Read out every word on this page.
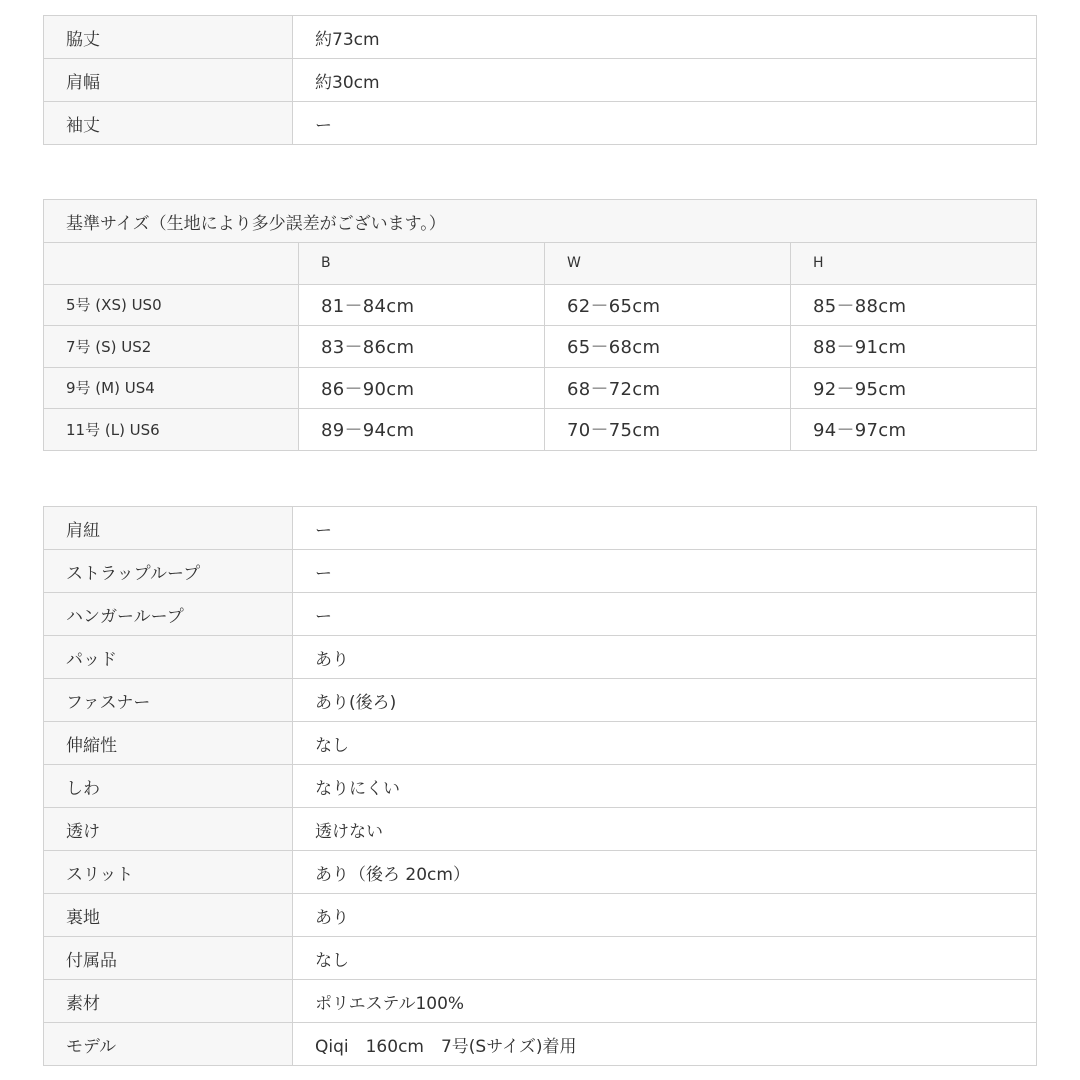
脇丈	約73cm
肩幅	約30cm
袖丈	ー
基準サイズ（生地により多少誤差がございます。）			
	B	W	H
5号 (XS) US0	81－84cm	62－65cm	85－88cm
7号 (S) US2	83－86cm	65－68cm	88－91cm
9号 (M) US4	86－90cm	68－72cm	92－95cm
11号 (L) US6	89－94cm	70－75cm	94－97cm
肩紐	ー
ストラップループ	ー
ハンガーループ	ー
パッド	あり
ファスナー	あり(後ろ)
伸縮性	なし
しわ	なりにくい
透け	透けない
スリット	あり（後ろ 20cm）
裏地	あり
付属品	なし
素材	ポリエステル100%
モデル	Qiqi　160cm　7号(Sサイズ)着用
